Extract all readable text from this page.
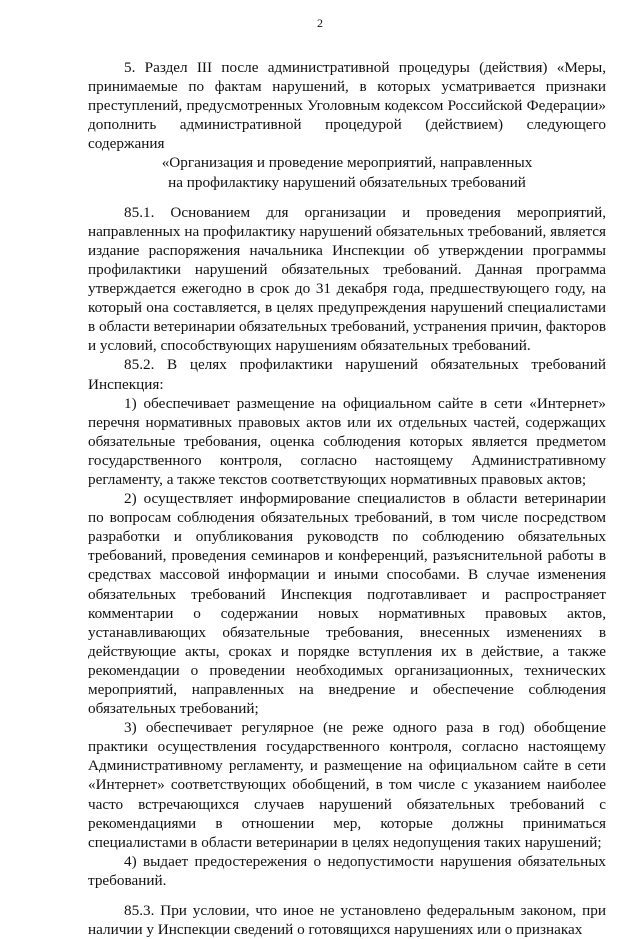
2

5. Раздел III после административной процедуры (действия) «Меры, принимаемые по фактам нарушений, в которых усматривается признаки преступлений, предусмотренных Уголовным кодексом Российской Федерации» дополнить административной процедурой (действием) следующего содержания

«Организация и проведение мероприятий, направленных

на профилактику нарушений обязательных требований

85.1. Основанием для организации и проведения мероприятий, направленных на профилактику нарушений обязательных требований, является издание распоряжения начальника Инспекции об утверждении программы профилактики нарушений обязательных требований. Данная программа утверждается ежегодно в срок до 31 декабря года, предшествующего году, на который она составляется, в целях предупреждения нарушений специалистами в области ветеринарии обязательных требований, устранения причин, факторов и условий, способствующих нарушениям обязательных требований.

85.2. В целях профилактики нарушений обязательных требований Инспекция:

1) обеспечивает размещение на официальном сайте в сети «Интернет» перечня нормативных правовых актов или их отдельных частей, содержащих обязательные требования, оценка соблюдения которых является предметом государственного контроля, согласно настоящему Административному регламенту, а также текстов соответствующих нормативных правовых актов;

2) осуществляет информирование специалистов в области ветеринарии по вопросам соблюдения обязательных требований, в том числе посредством разработки и опубликования руководств по соблюдению обязательных требований, проведения семинаров и конференций, разъяснительной работы в средствах массовой информации и иными способами. В случае изменения обязательных требований Инспекция подготавливает и распространяет комментарии о содержании новых нормативных правовых актов, устанавливающих обязательные требования, внесенных изменениях в действующие акты, сроках и порядке вступления их в действие, а также рекомендации о проведении необходимых организационных, технических мероприятий, направленных на внедрение и обеспечение соблюдения обязательных требований;

3) обеспечивает регулярное (не реже одного раза в год) обобщение практики осуществления государственного контроля, согласно настоящему Административному регламенту, и размещение на официальном сайте в сети «Интернет» соответствующих обобщений, в том числе с указанием наиболее часто встречающихся случаев нарушений обязательных требований с рекомендациями в отношении мер, которые должны приниматься специалистами в области ветеринарии в целях недопущения таких нарушений;

4) выдает предостережения о недопустимости нарушения обязательных требований.

85.3. При условии, что иное не установлено федеральным законом, при наличии у Инспекции сведений о готовящихся нарушениях или о признаках
